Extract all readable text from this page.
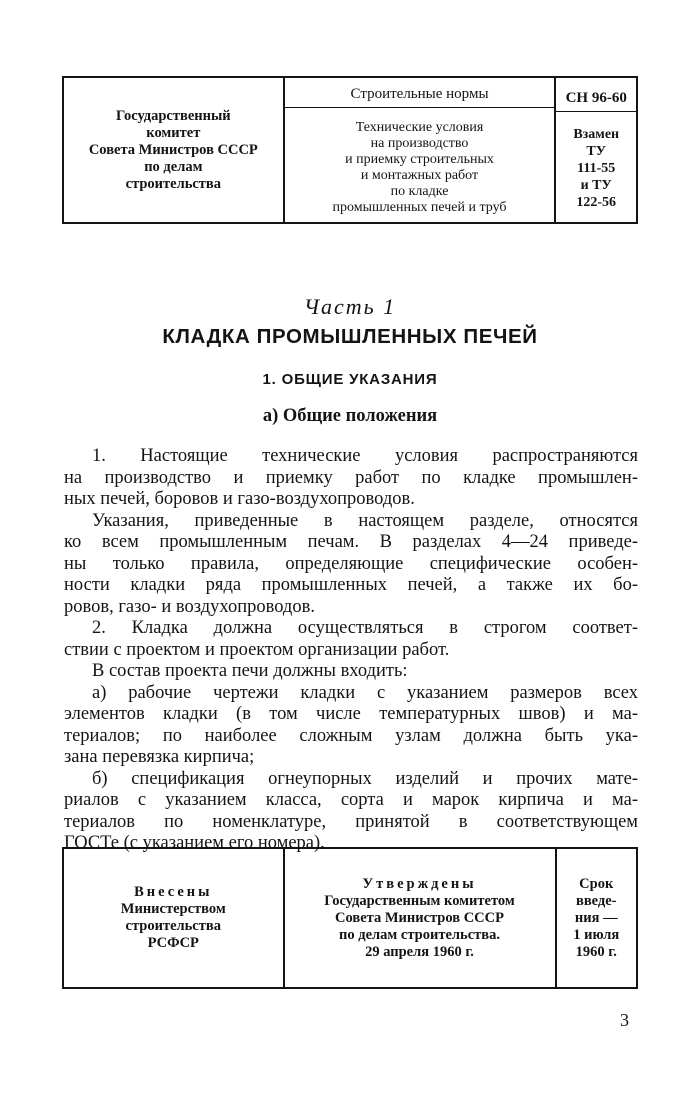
Государственный
комитет
Совета Министров СССР
по делам
строительства

Строительные нормы
Технические условия
на производство
и приемку строительных
и монтажных работ
по кладке
промышленных печей и труб

СН 96-60
Взамен
ТУ
111-55
и ТУ
122-56
Часть 1
КЛАДКА ПРОМЫШЛЕННЫХ ПЕЧЕЙ
1. ОБЩИЕ УКАЗАНИЯ
а) Общие положения
1. Настоящие технические условия распространяются
на производство и приемку работ по кладке промышлен-
ных печей, боровов и газо-воздухопроводов.
Указания, приведенные в настоящем разделе, относятся
ко всем промышленным печам. В разделах 4—24 приведе-
ны только правила, определяющие специфические особен-
ности кладки ряда промышленных печей, а также их бо-
ровов, газо- и воздухопроводов.
2. Кладка должна осуществляться в строгом соответ-
ствии с проектом и проектом организации работ.
В состав проекта печи должны входить:
а) рабочие чертежи кладки с указанием размеров всех
элементов кладки (в том числе температурных швов) и ма-
териалов; по наиболее сложным узлам должна быть ука-
зана перевязка кирпича;
б) спецификация огнеупорных изделий и прочих мате-
риалов с указанием класса, сорта и марок кирпича и ма-
териалов по номенклатуре, принятой в соответствующем
ГОСТе (с указанием его номера).
Внесены
Министерством
строительства
РСФСР

Утверждены
Государственным комитетом
Совета Министров СССР
по делам строительства.
29 апреля 1960 г.

Срок
введе-
ния —
1 июля
1960 г.
3
